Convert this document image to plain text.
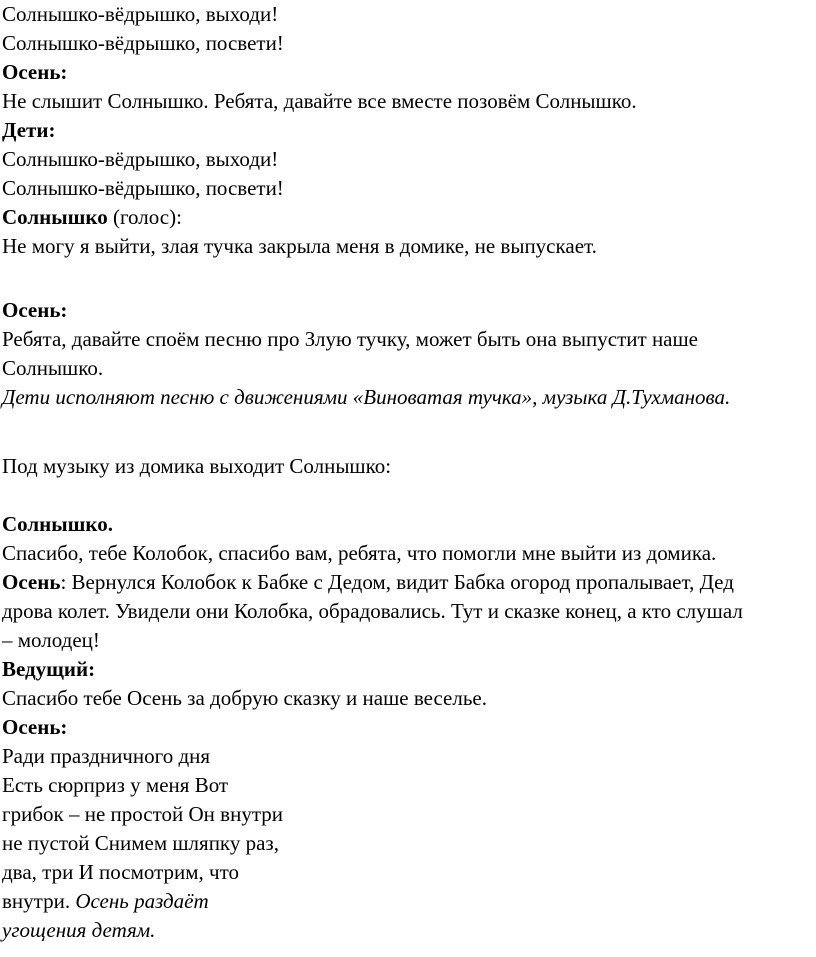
Солнышко-вёдрышко, выходи!
Солнышко-вёдрышко, посвети!
Осень:
Не слышит Солнышко. Ребята, давайте все вместе позовём Солнышко.
Дети:
Солнышко-вёдрышко, выходи!
Солнышко-вёдрышко, посвети!
Солнышко (голос):
Не могу я выйти, злая тучка закрыла меня в домике, не выпускает.
Осень:
Ребята, давайте споём песню про Злую тучку, может быть она выпустит наше
Солнышко.
Дети исполняют песню с движениями «Виноватая тучка», музыка Д.Тухманова.
Под музыку из домика выходит Солнышко:
Солнышко.
Спасибо, тебе Колобок, спасибо вам, ребята, что помогли мне выйти из домика.
Осень: Вернулся Колобок к Бабке с Дедом, видит Бабка огород пропалывает, Дед
дрова колет. Увидели они Колобка, обрадовались. Тут и сказке конец, а кто слушал
– молодец!
Ведущий:
Спасибо тебе Осень за добрую сказку и наше веселье.
Осень:
Ради праздничного дня
Есть сюрприз у меня Вот
грибок – не простой Он внутри
не пустой Снимем шляпку раз,
два, три И посмотрим, что
внутри. Осень раздаёт
угощения детям.
